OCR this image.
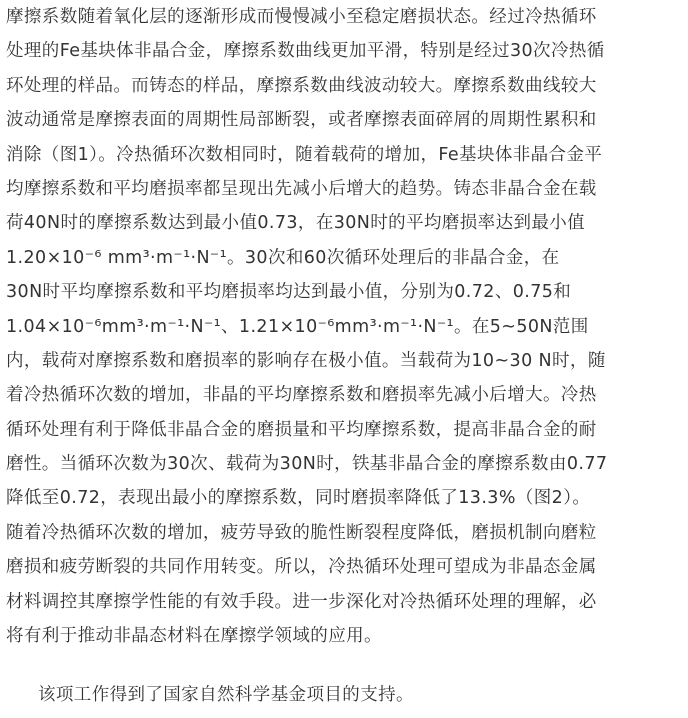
摩擦系数随着氧化层的逐渐形成而慢慢减小至稳定磨损状态。经过冷热循环
处理的Fe基块体非晶合金，摩擦系数曲线更加平滑，特别是经过30次冷热循
环处理的样品。而铸态的样品，摩擦系数曲线波动较大。摩擦系数曲线较大
波动通常是摩擦表面的周期性局部断裂，或者摩擦表面碎屑的周期性累积和
消除（图1）。冷热循环次数相同时，随着载荷的增加，Fe基块体非晶合金平
均摩擦系数和平均磨损率都呈现出先减小后增大的趋势。铸态非晶合金在载
荷40N时的摩擦系数达到最小值0.73，在30N时的平均磨损率达到最小值
1.20×10⁻⁶ mm³·m⁻¹·N⁻¹。30次和60次循环处理后的非晶合金，在
30N时平均摩擦系数和平均磨损率均达到最小值，分别为0.72、0.75和
1.04×10⁻⁶mm³·m⁻¹·N⁻¹、1.21×10⁻⁶mm³·m⁻¹·N⁻¹。在5~50N范围
内，载荷对摩擦系数和磨损率的影响存在极小值。当载荷为10~30 N时，随
着冷热循环次数的增加，非晶的平均摩擦系数和磨损率先减小后增大。冷热
循环处理有利于降低非晶合金的磨损量和平均摩擦系数，提高非晶合金的耐
磨性。当循环次数为30次、载荷为30N时，铁基非晶合金的摩擦系数由0.77
降低至0.72，表现出最小的摩擦系数，同时磨损率降低了13.3%（图2）。
随着冷热循环次数的增加，疲劳导致的脆性断裂程度降低，磨损机制向磨粒
磨损和疲劳断裂的共同作用转变。所以，冷热循环处理可望成为非晶态金属
材料调控其摩擦学性能的有效手段。进一步深化对冷热循环处理的理解，必
将有利于推动非晶态材料在摩擦学领域的应用。

该项工作得到了国家自然科学基金项目的支持。
